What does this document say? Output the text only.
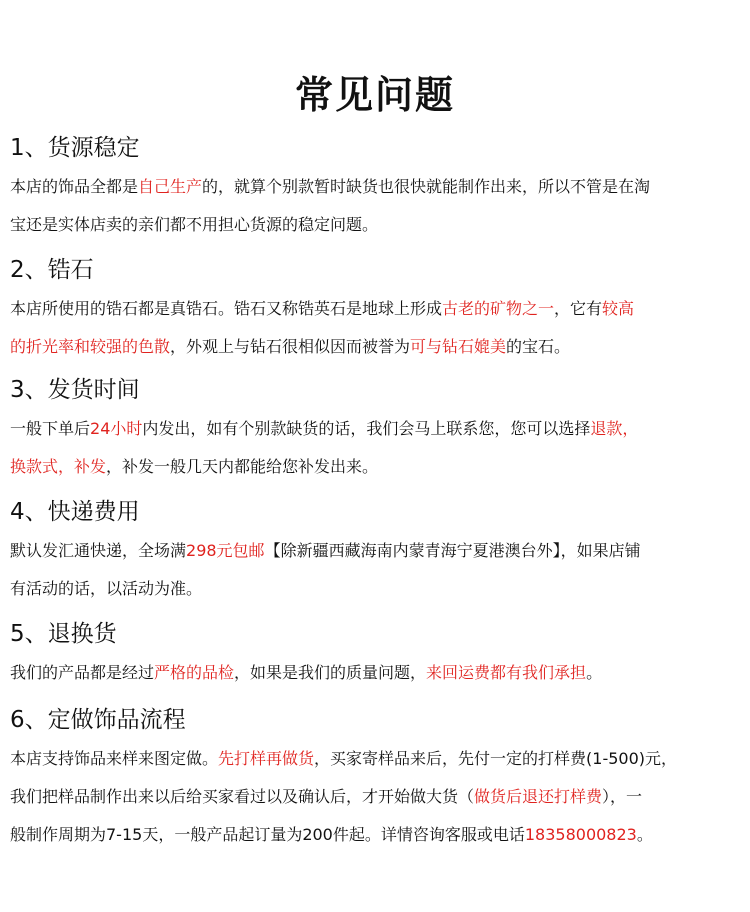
常见问题
1、货源稳定
本店的饰品全都是自己生产的，就算个别款暂时缺货也很快就能制作出来，所以不管是在淘
宝还是实体店卖的亲们都不用担心货源的稳定问题。
2、锆石
本店所使用的锆石都是真锆石。锆石又称锆英石是地球上形成古老的矿物之一，它有较高
的折光率和较强的色散，外观上与钻石很相似因而被誉为可与钻石媲美的宝石。
3、发货时间
一般下单后24小时内发出，如有个别款缺货的话，我们会马上联系您，您可以选择退款，
换款式，补发，补发一般几天内都能给您补发出来。
4、快递费用
默认发汇通快递，全场满298元包邮【除新疆西藏海南内蒙青海宁夏港澳台外】，如果店铺
有活动的话，以活动为准。
5、退换货
我们的产品都是经过严格的品检，如果是我们的质量问题，来回运费都有我们承担。
6、定做饰品流程
本店支持饰品来样来图定做。先打样再做货，买家寄样品来后，先付一定的打样费(1-500)元，
我们把样品制作出来以后给买家看过以及确认后，才开始做大货（做货后退还打样费），一
般制作周期为7-15天，一般产品起订量为200件起。详情咨询客服或电话18358000823。
